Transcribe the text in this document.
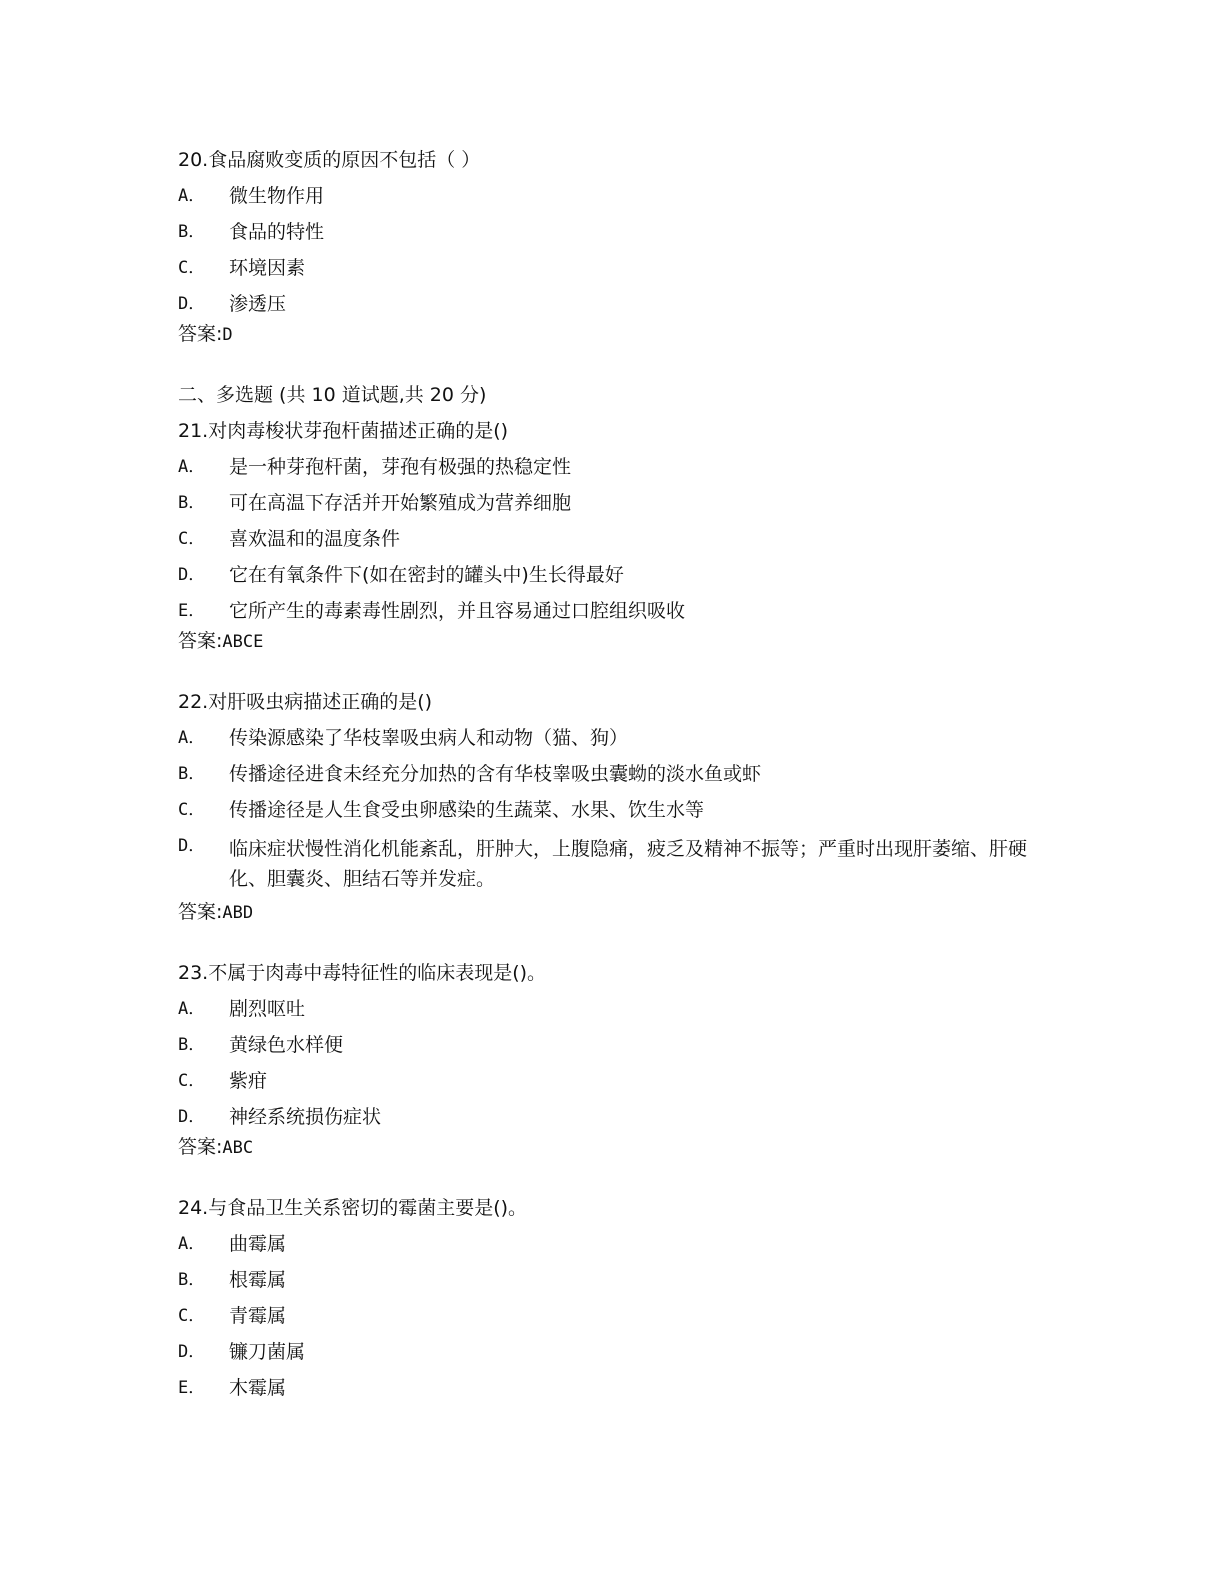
20.食品腐败变质的原因不包括（ ）
A．	微生物作用
B．	食品的特性
C．	环境因素
D．	渗透压
答案:D
二、多选题 (共 10 道试题,共 20 分)
21.对肉毒梭状芽孢杆菌描述正确的是()
A．	是一种芽孢杆菌，芽孢有极强的热稳定性
B．	可在高温下存活并开始繁殖成为营养细胞
C．	喜欢温和的温度条件
D．	它在有氧条件下(如在密封的罐头中)生长得最好
E．	它所产生的毒素毒性剧烈，并且容易通过口腔组织吸收
答案:ABCE
22.对肝吸虫病描述正确的是()
A．	传染源感染了华枝睾吸虫病人和动物（猫、狗）
B．	传播途径进食未经充分加热的含有华枝睾吸虫囊蚴的淡水鱼或虾
C．	传播途径是人生食受虫卵感染的生蔬菜、水果、饮生水等
D．	临床症状慢性消化机能紊乱，肝肿大，上腹隐痛，疲乏及精神不振等；严重时出现肝萎缩、肝硬化、胆囊炎、胆结石等并发症。
答案:ABD
23.不属于肉毒中毒特征性的临床表现是()。
A．	剧烈呕吐
B．	黄绿色水样便
C．	紫疳
D．	神经系统损伤症状
答案:ABC
24.与食品卫生关系密切的霉菌主要是()。
A．	曲霉属
B．	根霉属
C．	青霉属
D．	镰刀菌属
E．	木霉属
